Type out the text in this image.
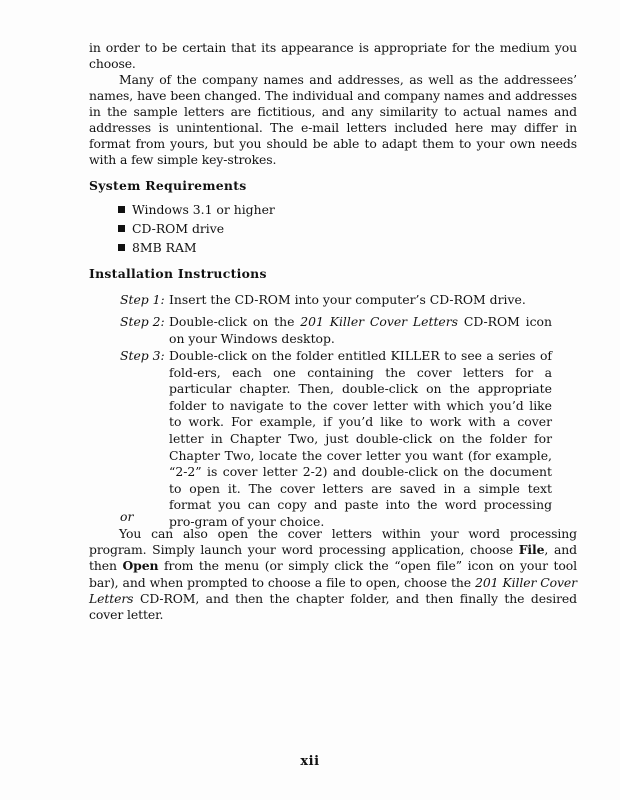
in order to be certain that its appearance is appropriate for the medium you choose.
Many of the company names and addresses, as well as the addressees’ names, have been changed. The individual and company names and addresses in the sample letters are fictitious, and any similarity to actual names and addresses is unintentional. The e-mail letters included here may differ in format from yours, but you should be able to adapt them to your own needs with a few simple key-strokes.
System Requirements
Windows 3.1 or higher
CD-ROM drive
8MB RAM
Installation Instructions
Step 1: Insert the CD-ROM into your computer’s CD-ROM drive.
Step 2: Double-click on the 201 Killer Cover Letters CD-ROM icon on your Windows desktop.
Step 3: Double-click on the folder entitled KILLER to see a series of fold-ers, each one containing the cover letters for a particular chapter. Then, double-click on the appropriate folder to navigate to the cover letter with which you’d like to work. For example, if you’d like to work with a cover letter in Chapter Two, just double-click on the folder for Chapter Two, locate the cover letter you want (for example, “2-2” is cover letter 2-2) and double-click on the document to open it. The cover letters are saved in a simple text format you can copy and paste into the word processing pro-gram of your choice.
or
You can also open the cover letters within your word processing program. Simply launch your word processing application, choose File, and then Open from the menu (or simply click the “open file” icon on your tool bar), and when prompted to choose a file to open, choose the 201 Killer Cover Letters CD-ROM, and then the chapter folder, and then finally the desired cover letter.
xii
